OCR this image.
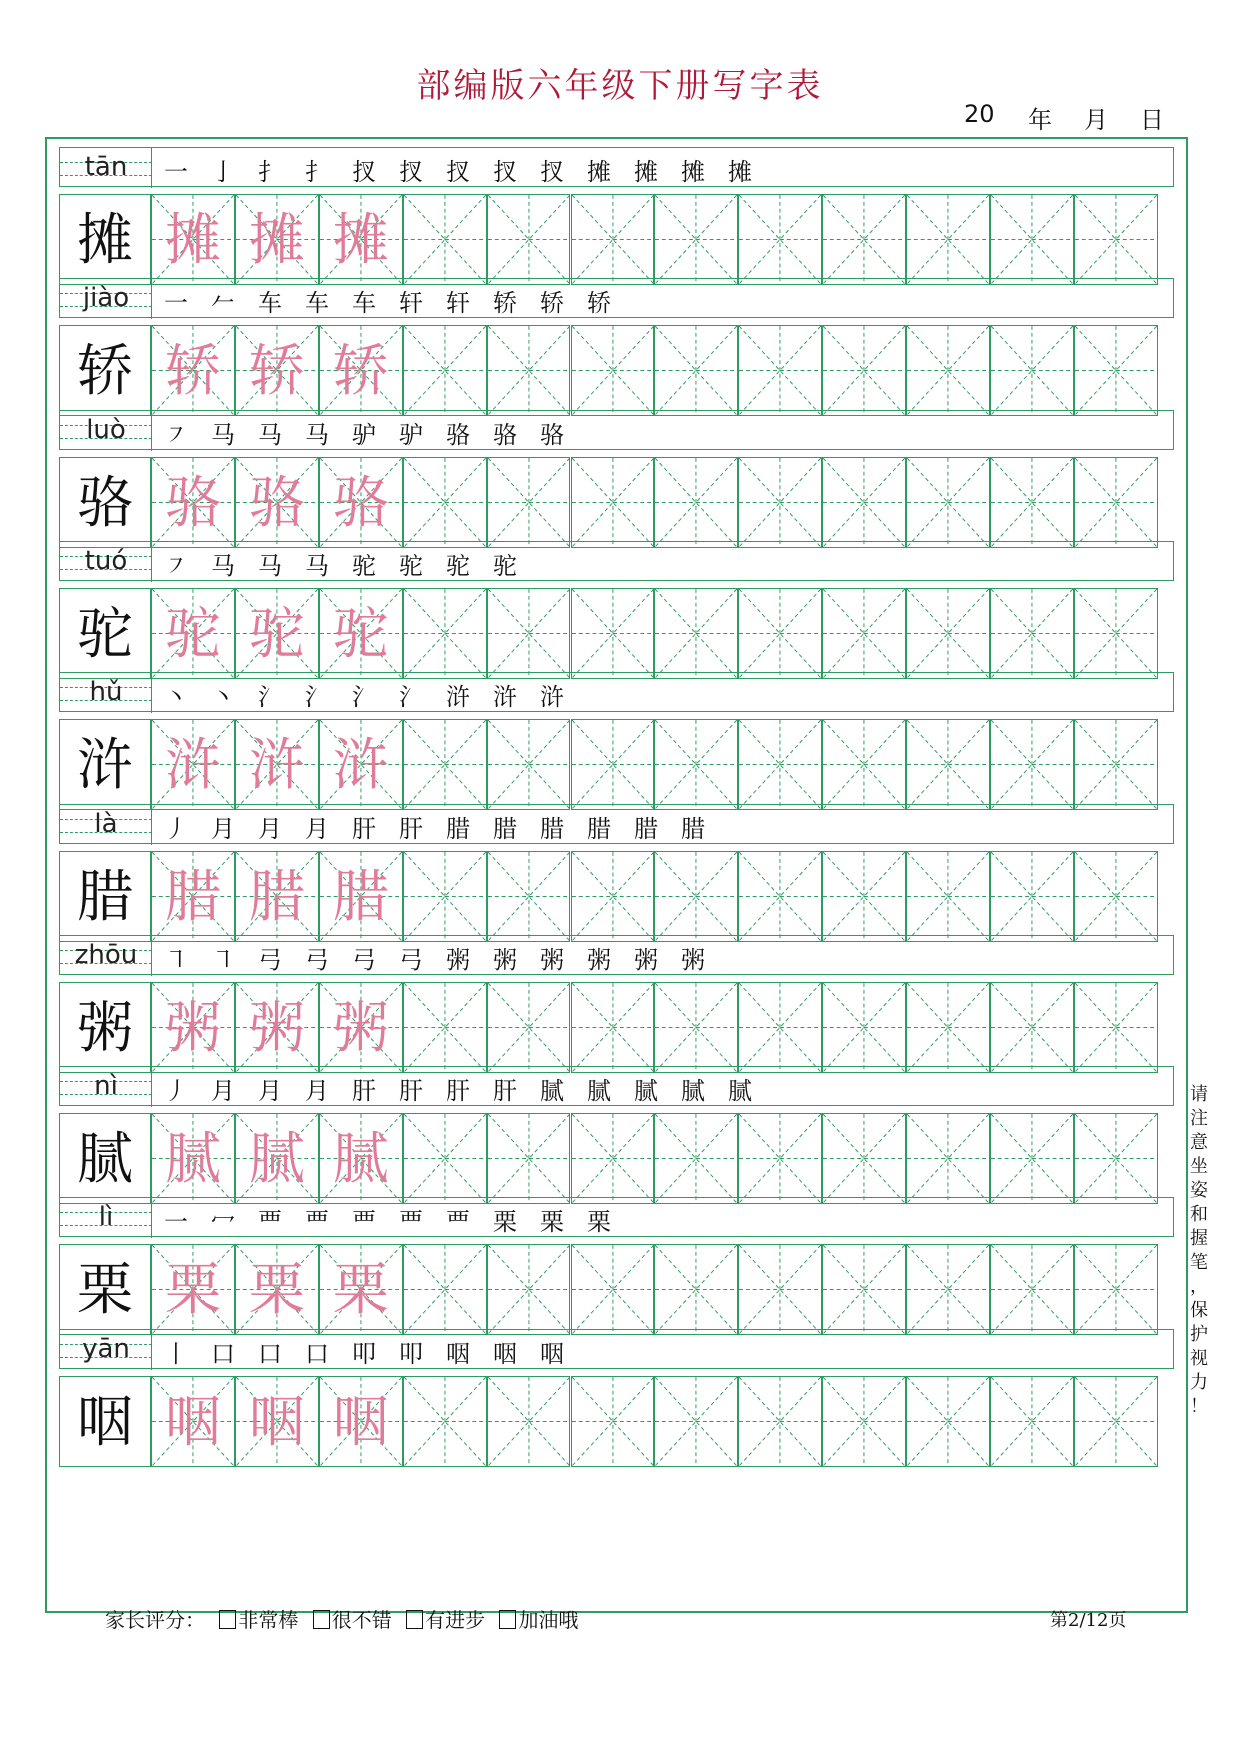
部编版六年级下册写字表
20 年 月 日
tān	一 亅 扌 扌 扠 扠 扠 扠 扠 摊 摊 摊 摊
摊 摊 摊 摊
jiào	一 𠂉 车 车 车 轩 轩 轿 轿 轿
轿 轿 轿 轿
luò	㇇ 马 马 马 驴 驴 骆 骆 骆
骆 骆 骆 骆
tuó	㇇ 马 马 马 驼 驼 驼 驼
驼 驼 驼 驼
hǔ	丶 丶 氵 氵 氵 氵 浒 浒 浒
浒 浒 浒 浒
là	丿 月 月 月 肝 肝 腊 腊 腊 腊 腊 腊
腊 腊 腊 腊
zhōu	㇕ ㇕ 弓 弓 弓 弓 粥 粥 粥 粥 粥 粥
粥 粥 粥 粥
nì	丿 月 月 月 肝 肝 肝 肝 腻 腻 腻 腻 腻
腻 腻 腻 腻
lì	一 冖 覀 覀 覀 覀 覀 栗 栗 栗
栗 栗 栗 栗
yān	丨 口 口 口 叩 叩 咽 咽 咽
咽 咽 咽 咽
请
注
意
坐
姿
和
握
笔
，
保
护
视
力
！
家长评分： 非常棒 很不错 有进步 加油哦	第2/12页
